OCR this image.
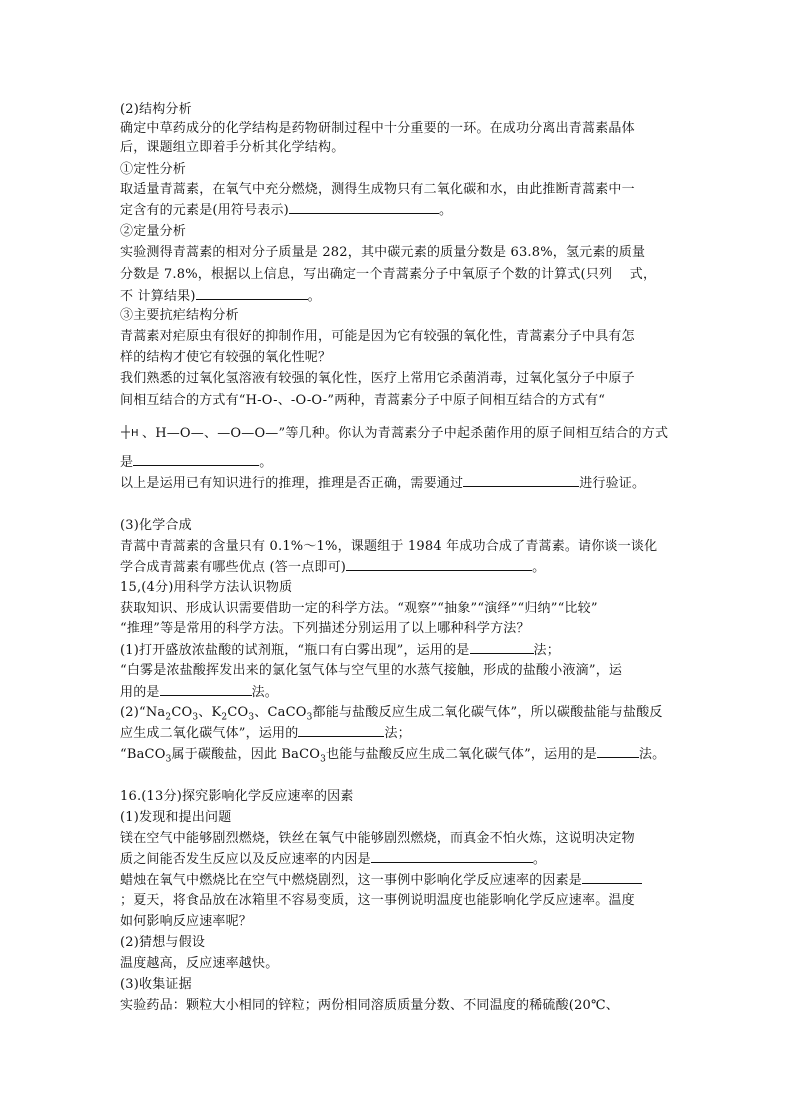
(2)结构分析
确定中草药成分的化学结构是药物研制过程中十分重要的一环。在成功分离出青蒿素晶体
后，课题组立即着手分析其化学结构。
①定性分析
取适量青蒿素，在氧气中充分燃烧，测得生成物只有二氧化碳和水，由此推断青蒿素中一
定含有的元素是(用符号表示)	。
②定量分析
实验测得青蒿素的相对分子质量是 282，其中碳元素的质量分数是 63.8%，氢元素的质量
分数是 7.8%，根据以上信息，写出确定一个青蒿素分子中氧原子个数的计算式(只列　 式，
不 计算结果)	。
③主要抗疟结构分析
青蒿素对疟原虫有很好的抑制作用，可能是因为它有较强的氧化性，青蒿素分子中具有怎
样的结构才使它有较强的氧化性呢？
我们熟悉的过氧化氢溶液有较强的氧化性，医疗上常用它杀菌消毒，过氧化氢分子中原子
间相互结合的方式有“H-O-、-O-O-”两种，青蒿素分子中原子间相互结合的方式有“
H 、H—O—、—O—O—”等几种。你认为青蒿素分子中起杀菌作用的原子间相互结合的方式
是	。
以上是运用已有知识进行的推理，推理是否正确，需要通过	进行验证。
(3)化学合成
青蒿中青蒿素的含量只有 0.1%～1%，课题组于 1984 年成功合成了青蒿素。请你谈一谈化
学合成青蒿素有哪些优点 (答一点即可)	。
15,(4分)用科学方法认识物质
获取知识、形成认识需要借助一定的科学方法。“观察”“抽象”“演绎”“归纳”“比较”
“推理”等是常用的科学方法。下列描述分别运用了以上哪种科学方法？
(1)打开盛放浓盐酸的试剂瓶，“瓶口有白雾出现”，运用的是	法；
“白雾是浓盐酸挥发出来的氯化氢气体与空气里的水蒸气接触，形成的盐酸小液滴”，运
用的是	法。
$(2)“Na_2CO_3$、$K_2CO_3$、CaCO$_3$都能与盐酸反应生成二氧化碳气体”，所以碳酸盐能与盐酸反
应生成二氧化碳气体”，运用的	法；
“BaCO$_3$属于碳酸盐，因此 BaCO$_3$也能与盐酸反应生成二氧化碳气体”，运用的是	法。
16.(13分)探究影响化学反应速率的因素
(1)发现和提出问题
镁在空气中能够剧烈燃烧，铁丝在氧气中能够剧烈燃烧，而真金不怕火炼，这说明决定物
质之间能否发生反应以及反应速率的内因是	。
蜡烛在氧气中燃烧比在空气中燃烧剧烈，这一事例中影响化学反应速率的因素是
；夏天，将食品放在冰箱里不容易变质，这一事例说明温度也能影响化学反应速率。温度
如何影响反应速率呢？
(2)猜想与假设
温度越高，反应速率越快。
(3)收集证据
实验药品：颗粒大小相同的锌粒；两份相同溶质质量分数、不同温度的稀硫酸(20℃、
